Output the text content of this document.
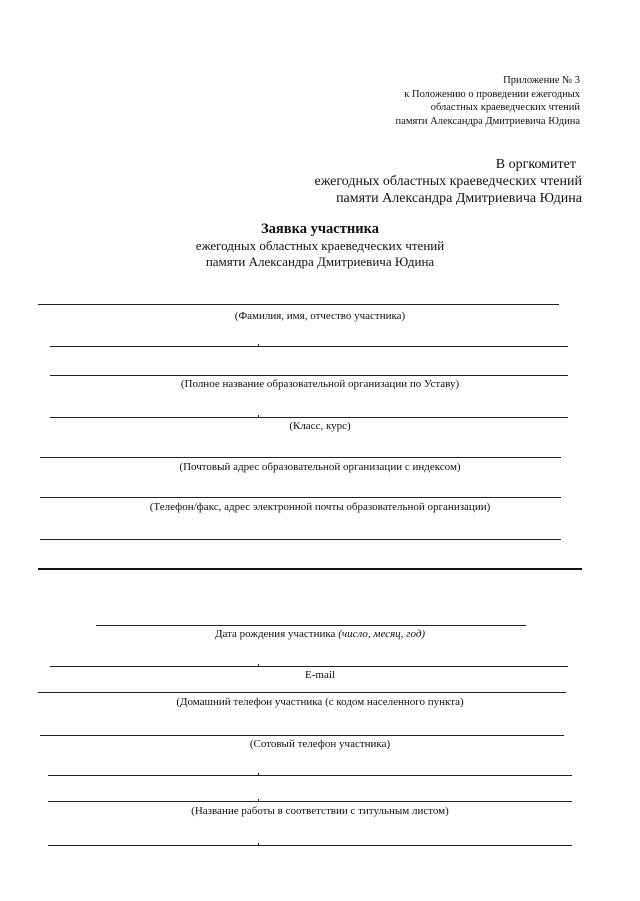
Приложение № 3
к Положению о проведении ежегодных
областных краеведческих чтений
памяти Александра Дмитриевича Юдина
В оргкомитет
ежегодных областных краеведческих чтений
памяти Александра Дмитриевича Юдина
Заявка участника
ежегодных областных краеведческих чтений
памяти Александра Дмитриевича Юдина
(Фамилия, имя, отчество участника)
(Полное название образовательной организации по Уставу)
(Класс, курс)
(Почтовый адрес образовательной организации с индексом)
(Телефон/факс, адрес электронной почты образовательной организации)
Дата рождения участника (число, месяц, год)
E-mail
(Домашний телефон участника (с кодом населенного пункта)
(Сотовый телефон участника)
(Название работы в соответствии с титульным листом)
